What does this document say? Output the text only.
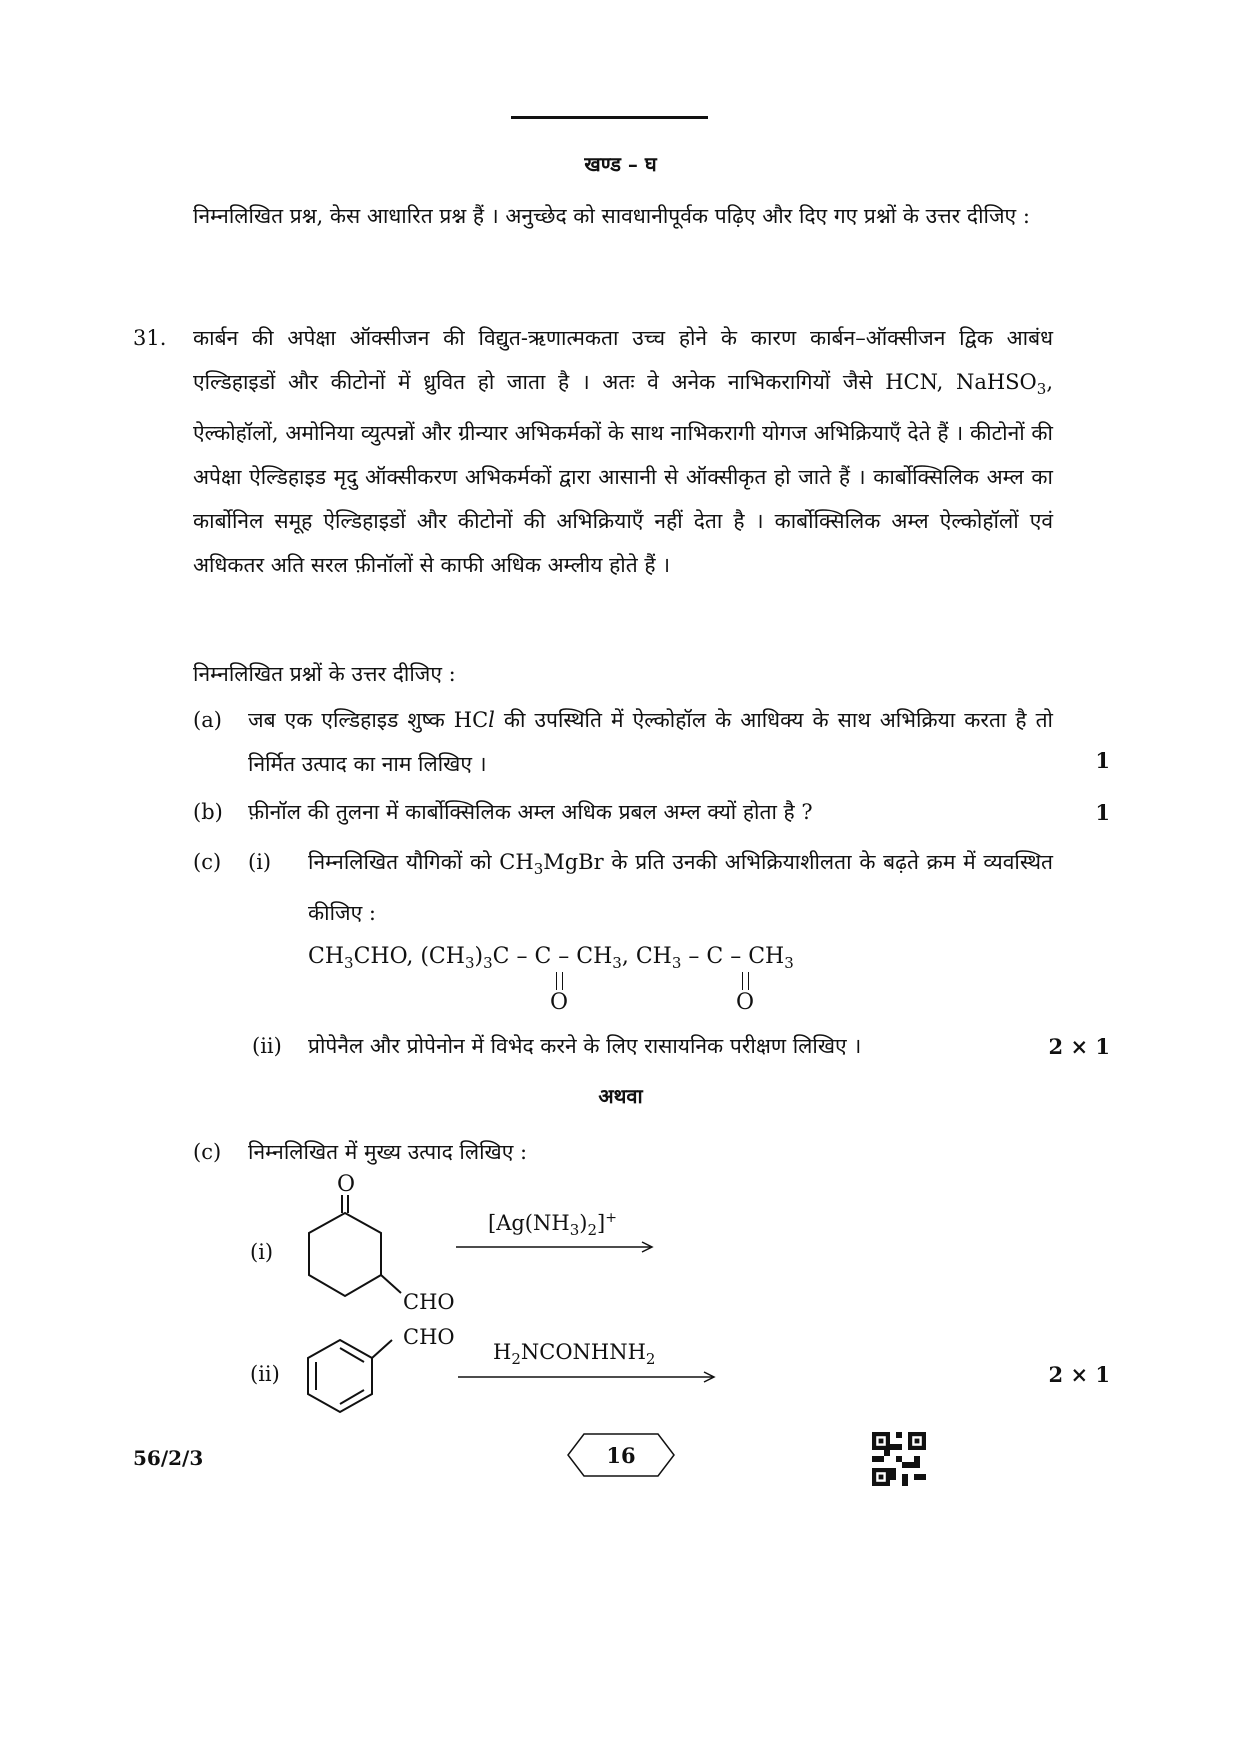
खण्ड – घ
निम्नलिखित प्रश्न, केस आधारित प्रश्न हैं । अनुच्छेद को सावधानीपूर्वक पढ़िए और दिए गए प्रश्नों के उत्तर दीजिए :
31. कार्बन की अपेक्षा ऑक्सीजन की विद्युत-ऋणात्मकता उच्च होने के कारण कार्बन–ऑक्सीजन द्विक आबंध एल्डिहाइडों और कीटोनों में ध्रुवित हो जाता है । अतः वे अनेक नाभिकरागियों जैसे HCN, NaHSO$_3$, ऐल्कोहॉलों, अमोनिया व्युत्पन्नों और ग्रीन्यार अभिकर्मकों के साथ नाभिकरागी योगज अभिक्रियाएँ देते हैं । कीटोनों की अपेक्षा ऐल्डिहाइड मृदु ऑक्सीकरण अभिकर्मकों द्वारा आसानी से ऑक्सीकृत हो जाते हैं । कार्बोक्सिलिक अम्ल का कार्बोनिल समूह ऐल्डिहाइडों और कीटोनों की अभिक्रियाएँ नहीं देता है । कार्बोक्सिलिक अम्ल ऐल्कोहॉलों एवं अधिकतर अति सरल फ़ीनॉलों से काफी अधिक अम्लीय होते हैं ।
निम्नलिखित प्रश्नों के उत्तर दीजिए :
(a) जब एक एल्डिहाइड शुष्क HCl की उपस्थिति में ऐल्कोहॉल के आधिक्य के साथ अभिक्रिया करता है तो निर्मित उत्पाद का नाम लिखिए ।	1
(b) फ़ीनॉल की तुलना में कार्बोक्सिलिक अम्ल अधिक प्रबल अम्ल क्यों होता है ?	1
(c) (i) निम्नलिखित यौगिकों को $CH_3MgBr$ के प्रति उनकी अभिक्रियाशीलता के बढ़ते क्रम में व्यवस्थित कीजिए :
$CH_3CHO$, $(CH_3)_3C$ – C – $CH_3$, $CH_3$ – C – $CH_3$
O	O
(ii) प्रोपेनैल और प्रोपेनोन में विभेद करने के लिए रासायनिक परीक्षण लिखिए ।	2 × 1
अथवा
(c) निम्नलिखित में मुख्य उत्पाद लिखिए :
(i)
O
CHO
$[Ag(NH_3)_2]^+$
(ii)
CHO
$H_2NCONHNH_2$
2 × 1
56/2/3	16
